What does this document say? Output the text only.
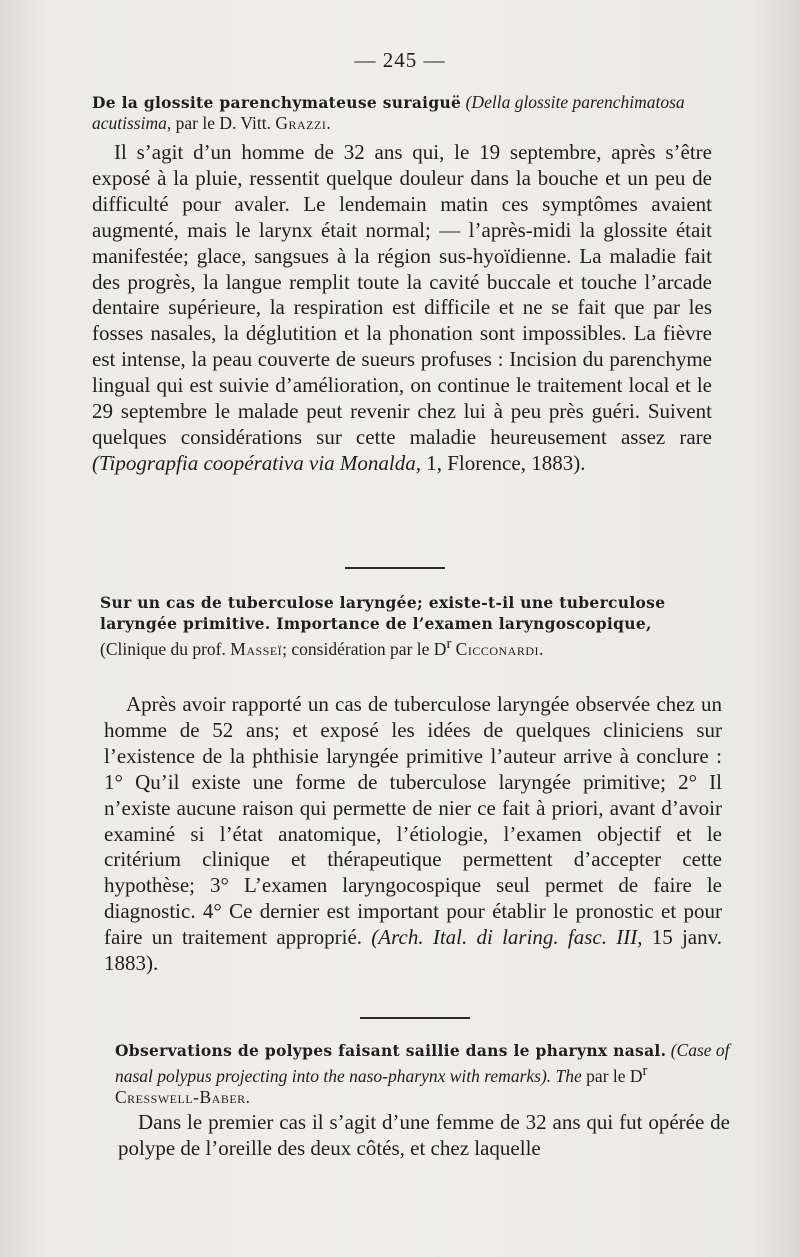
— 245 —
De la glossite parenchymateuse suraiguë (Della glossite parenchimatosa acutissima, par le D. Vitt. Grazzi.
Il s’agit d’un homme de 32 ans qui, le 19 septembre, après s’être exposé à la pluie, ressentit quelque douleur dans la bouche et un peu de difficulté pour avaler. Le lendemain matin ces symptômes avaient augmenté, mais le larynx était normal; — l’après-midi la glossite était manifestée; glace, sangsues à la région sus-hyoïdienne. La maladie fait des progrès, la langue remplit toute la cavité buccale et touche l’arcade dentaire supérieure, la respiration est difficile et ne se fait que par les fosses nasales, la déglutition et la phonation sont impossibles. La fièvre est intense, la peau couverte de sueurs profuses : Incision du parenchyme lingual qui est suivie d’amélioration, on continue le traitement local et le 29 septembre le malade peut revenir chez lui à peu près guéri. Suivent quelques considérations sur cette maladie heureusement assez rare (Tipograpfia coopérativa via Monalda, 1, Florence, 1883).
Sur un cas de tuberculose laryngée; existe-t-il une tuberculose laryngée primitive. Importance de l’examen laryngoscopique, (Clinique du prof. Masseï; considération par le $D^r$ Cicconardi.
Après avoir rapporté un cas de tuberculose laryngée observée chez un homme de 52 ans; et exposé les idées de quelques cliniciens sur l’existence de la phthisie laryngée primitive l’auteur arrive à conclure : 1° Qu’il existe une forme de tuberculose laryngée primitive; 2° Il n’existe aucune raison qui permette de nier ce fait à priori, avant d’avoir examiné si l’état anatomique, l’étiologie, l’examen objectif et le critérium clinique et thérapeutique permettent d’accepter cette hypothèse; 3° L’examen laryngocospique seul permet de faire le diagnostic. 4° Ce dernier est important pour établir le pronostic et pour faire un traitement approprié. (Arch. Ital. di laring. fasc. III, 15 janv. 1883).
Observations de polypes faisant saillie dans le pharynx nasal. (Case of nasal polypus projecting into the naso-pharynx with remarks). The par le $D^r$ Cresswell-Baber.
Dans le premier cas il s’agit d’une femme de 32 ans qui fut opérée de polype de l’oreille des deux côtés, et chez laquelle
